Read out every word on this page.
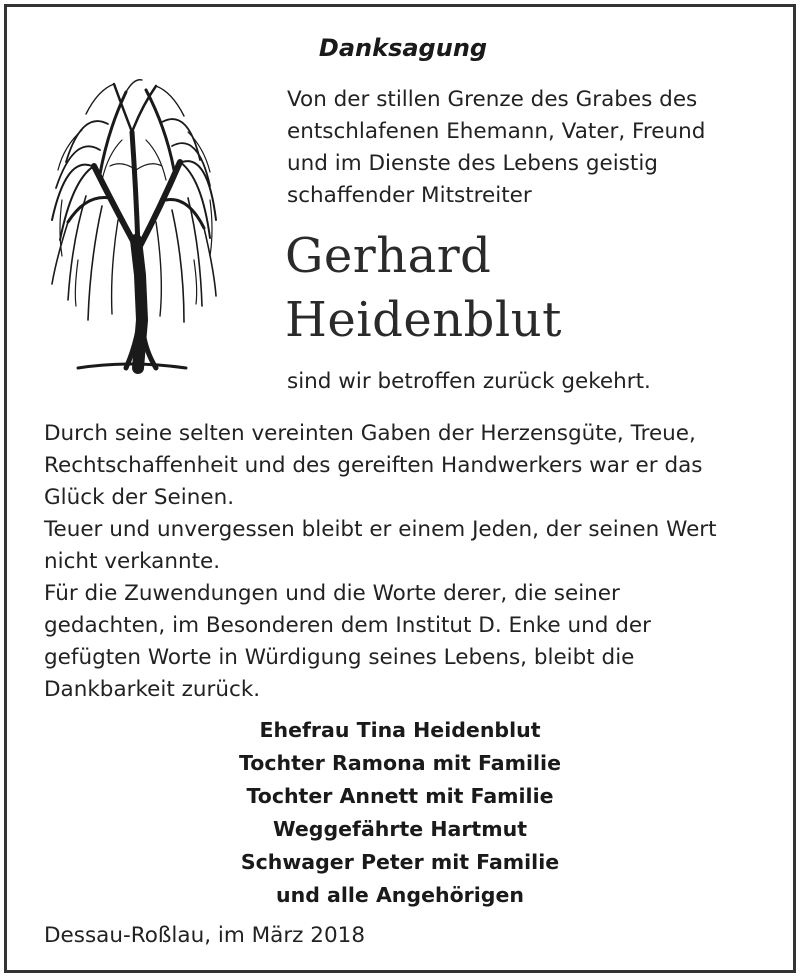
Danksagung
Von der stillen Grenze des Grabes des
entschlafenen Ehemann, Vater, Freund
und im Dienste des Lebens geistig
schaffender Mitstreiter
Gerhard
Heidenblut
sind wir betroffen zurück gekehrt.

Durch seine selten vereinten Gaben der Herzensgüte, Treue,

Rechtschaffenheit und des gereiften Handwerkers war er das

Glück der Seinen.

Teuer und unvergessen bleibt er einem Jeden, der seinen Wert

nicht verkannte.

Für die Zuwendungen und die Worte derer, die seiner

gedachten, im Besonderen dem Institut D. Enke und der

gefügten Worte in Würdigung seines Lebens, bleibt die

Dankbarkeit zurück.

Ehefrau Tina Heidenblut
Tochter Ramona mit Familie
Tochter Annett mit Familie
Weggefährte Hartmut
Schwager Peter mit Familie
und alle Angehörigen
Dessau-Roßlau, im März 2018
